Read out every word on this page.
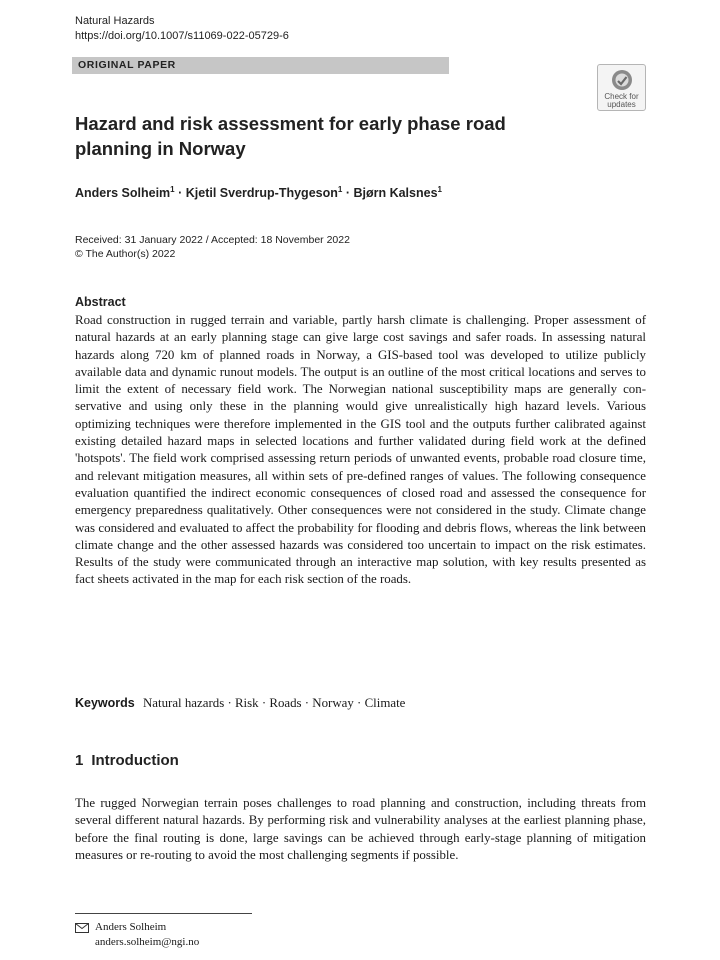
Natural Hazards
https://doi.org/10.1007/s11069-022-05729-6
ORIGINAL PAPER
Check for
updates
Hazard and risk assessment for early phase road planning in Norway
Anders Solheim$^1$ · Kjetil Sverdrup-Thygeson$^1$ · Bjørn Kalsnes$^1$
Received: 31 January 2022 / Accepted: 18 November 2022
© The Author(s) 2022
Abstract

Road construction in rugged terrain and variable, partly harsh climate is challenging. Proper assessment of natural hazards at an early planning stage can give large cost savings and safer roads. In assessing natural hazards along 720 km of planned roads in Norway, a GIS-based tool was developed to utilize publicly available data and dynamic runout models. The output is an outline of the most critical locations and serves to limit the extent of necessary field work. The Norwegian national susceptibility maps are generally conservative and using only these in the planning would give unrealistically high hazard levels. Various optimizing techniques were therefore implemented in the GIS tool and the outputs further calibrated against existing detailed hazard maps in selected locations and further validated during field work at the defined 'hotspots'. The field work comprised assessing return periods of unwanted events, probable road closure time, and relevant mitigation measures, all within sets of pre-defined ranges of values. The following consequence evaluation quantified the indirect economic consequences of closed road and assessed the consequence for emergency preparedness qualitatively. Other consequences were not considered in the study. Climate change was considered and evaluated to affect the probability for flooding and debris flows, whereas the link between climate change and the other assessed hazards was considered too uncertain to impact on the risk estimates. Results of the study were communicated through an interactive map solution, with key results presented as fact sheets activated in the map for each risk section of the roads.

Keywords Natural hazards · Risk · Roads · Norway · Climate
1 Introduction

The rugged Norwegian terrain poses challenges to road planning and construction, including threats from several different natural hazards. By performing risk and vulnerability analyses at the earliest planning phase, before the final routing is done, large savings can be achieved through early-stage planning of mitigation measures or re-routing to avoid the most challenging segments if possible.

Anders Solheim
anders.solheim@ngi.no
